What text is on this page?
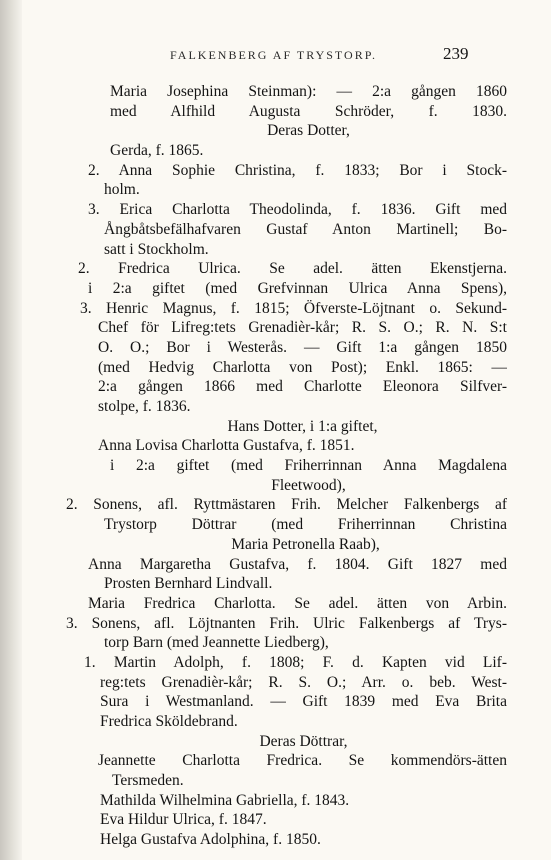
FALKENBERG AF TRYSTORP.	239
Maria Josephina Steinman): — 2:a gången 1860
med Alfhild Augusta Schröder, f. 1830.
Deras Dotter,
Gerda, f. 1865.
2. Anna Sophie Christina, f. 1833; Bor i Stock-
holm.
3. Erica Charlotta Theodolinda, f. 1836. Gift med
Ångbåtsbefälhafvaren Gustaf Anton Martinell; Bo-
satt i Stockholm.
2. Fredrica Ulrica. Se adel. ätten Ekenstjerna.
i 2:a giftet (med Grefvinnan Ulrica Anna Spens),
3. Henric Magnus, f. 1815; Öfverste-Löjtnant o. Sekund-
Chef för Lifreg:tets Grenadièr-kår; R. S. O.; R. N. S:t
O. O.; Bor i Westerås. — Gift 1:a gången 1850
(med Hedvig Charlotta von Post); Enkl. 1865: —
2:a gången 1866 med Charlotte Eleonora Silfver-
stolpe, f. 1836.
Hans Dotter, i 1:a giftet,
Anna Lovisa Charlotta Gustafva, f. 1851.
i 2:a giftet (med Friherrinnan Anna Magdalena
Fleetwood),
2. Sonens, afl. Ryttmästaren Frih. Melcher Falkenbergs af
Trystorp Döttrar (med Friherrinnan Christina
Maria Petronella Raab),
Anna Margaretha Gustafva, f. 1804. Gift 1827 med
Prosten Bernhard Lindvall.
Maria Fredrica Charlotta. Se adel. ätten von Arbin.
3. Sonens, afl. Löjtnanten Frih. Ulric Falkenbergs af Trys-
torp Barn (med Jeannette Liedberg),
1. Martin Adolph, f. 1808; F. d. Kapten vid Lif-
reg:tets Grenadièr-kår; R. S. O.; Arr. o. beb. West-
Sura i Westmanland. — Gift 1839 med Eva Brita
Fredrica Sköldebrand.
Deras Döttrar,
Jeannette Charlotta Fredrica. Se kommendörs-ätten
Tersmeden.
Mathilda Wilhelmina Gabriella, f. 1843.
Eva Hildur Ulrica, f. 1847.
Helga Gustafva Adolphina, f. 1850.
